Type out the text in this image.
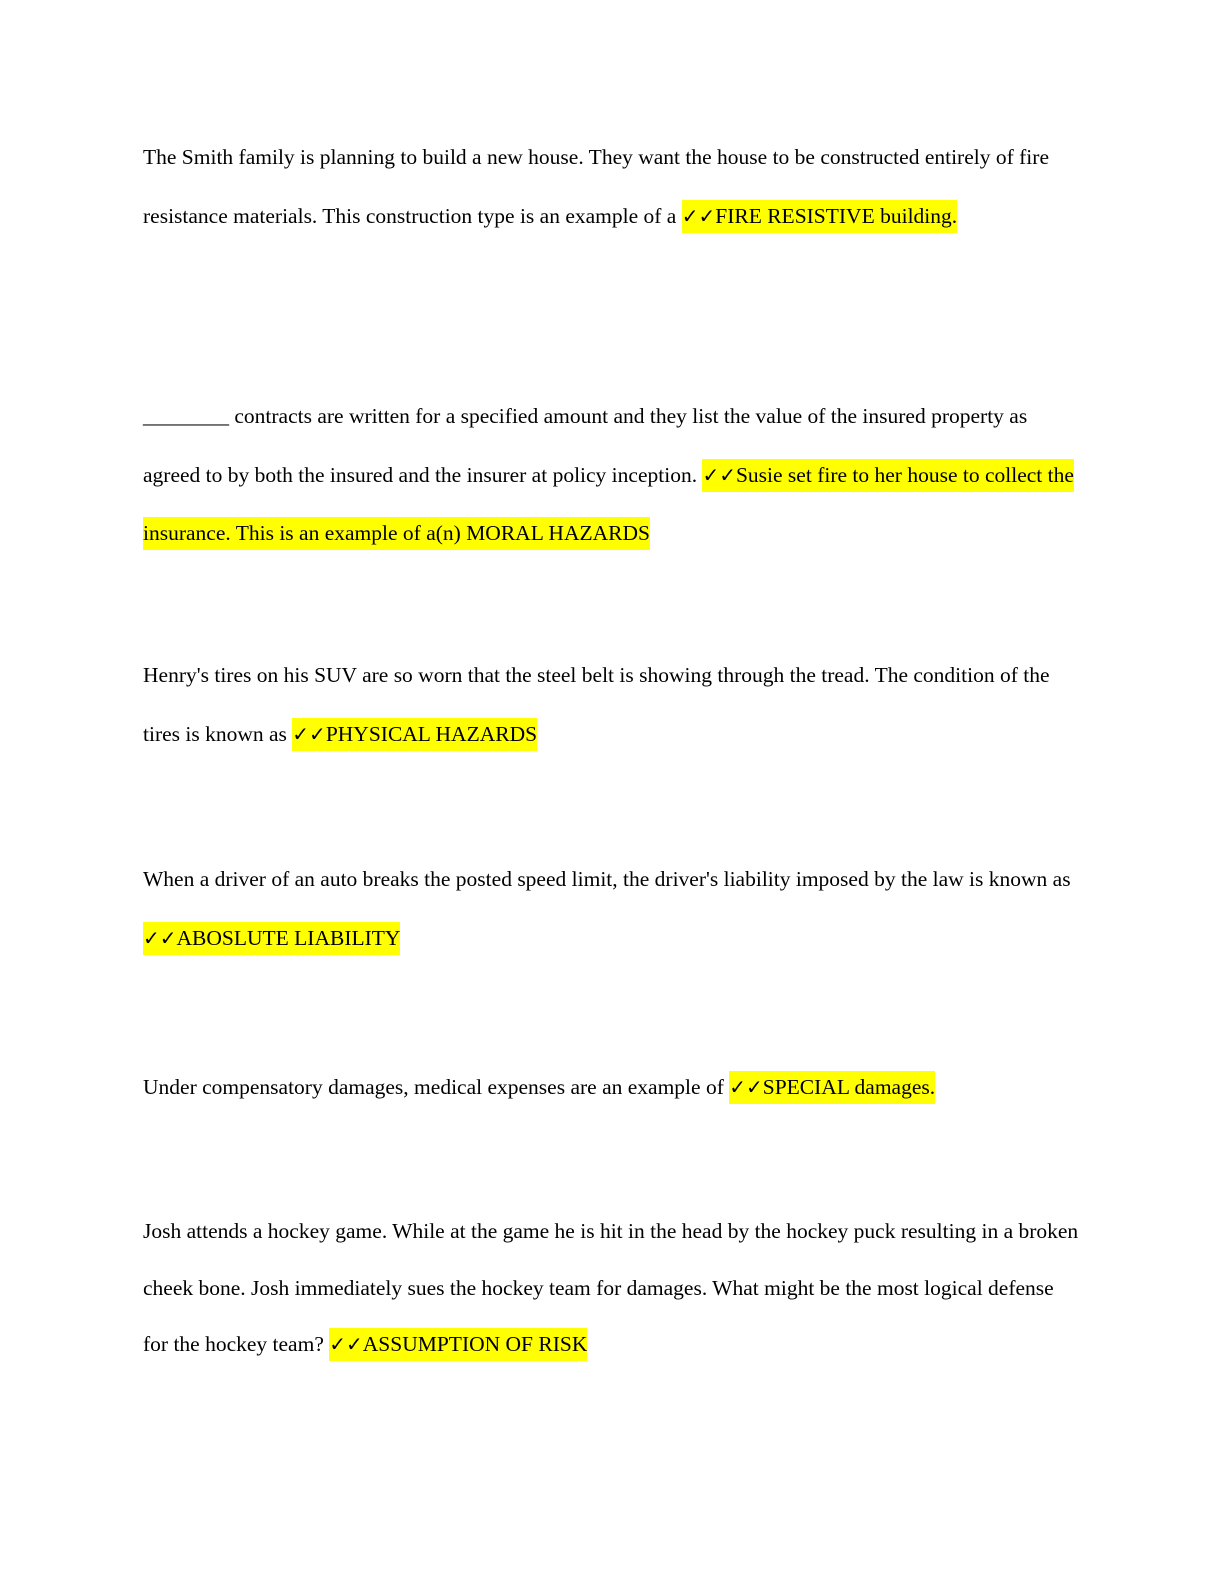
The Smith family is planning to build a new house. They want the house to be constructed entirely of fire resistance materials. This construction type is an example of a ✓✓FIRE RESISTIVE building.

________ contracts are written for a specified amount and they list the value of the insured property as agreed to by both the insured and the insurer at policy inception. ✓✓Susie set fire to her house to collect the insurance. This is an example of a(n) MORAL HAZARDS

Henry's tires on his SUV are so worn that the steel belt is showing through the tread. The condition of the tires is known as ✓✓PHYSICAL HAZARDS

When a driver of an auto breaks the posted speed limit, the driver's liability imposed by the law is known as ✓✓ABOSLUTE LIABILITY

Under compensatory damages, medical expenses are an example of ✓✓SPECIAL damages.

Josh attends a hockey game. While at the game he is hit in the head by the hockey puck resulting in a broken cheek bone. Josh immediately sues the hockey team for damages. What might be the most logical defense for the hockey team? ✓✓ASSUMPTION OF RISK
